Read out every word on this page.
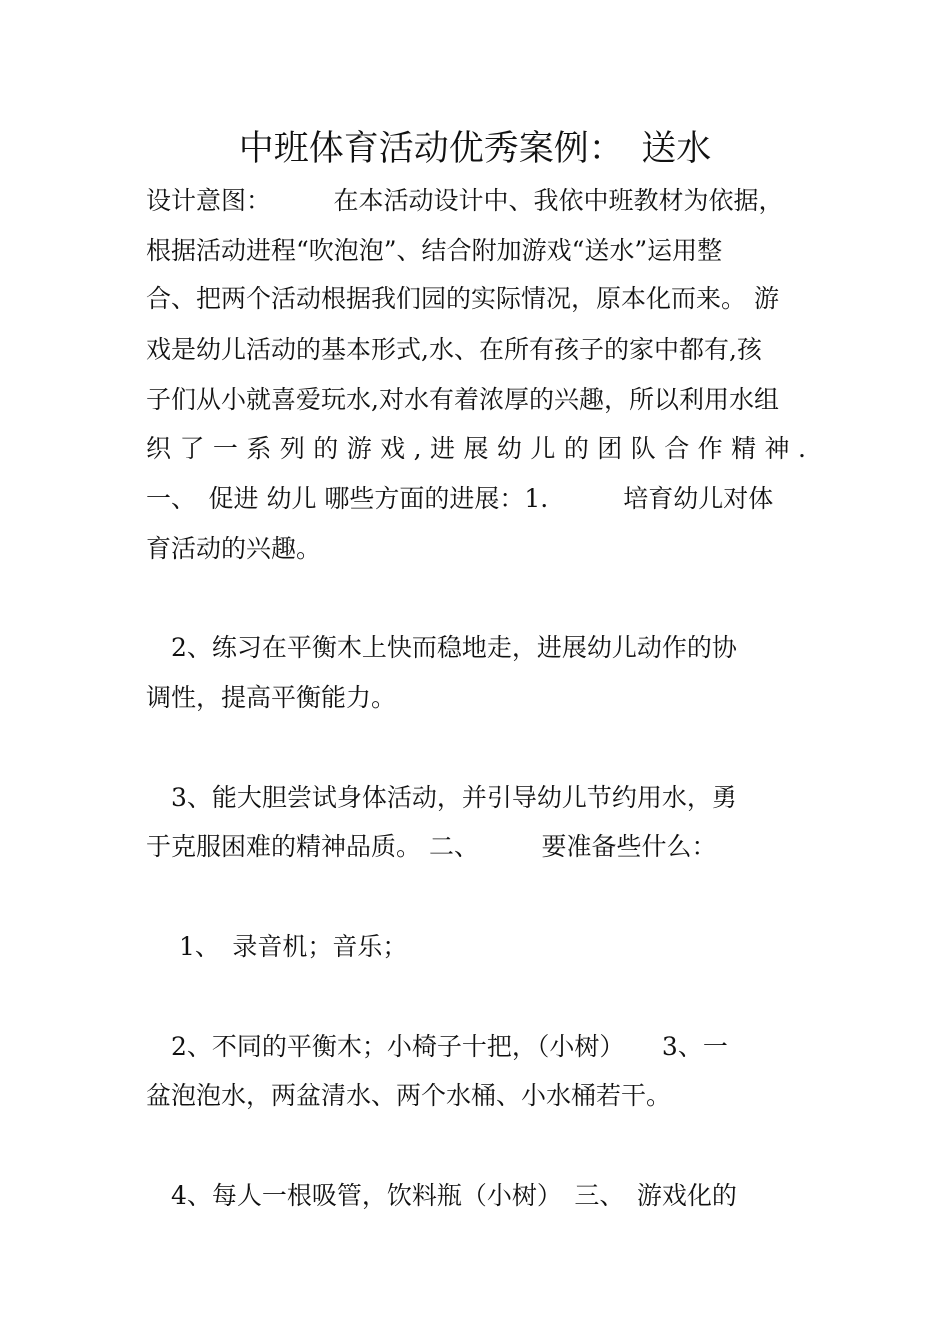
中班体育活动优秀案例：　送水
设计意图：　　　在本活动设计中、我依中班教材为依据，
根据活动进程“吹泡泡”、结合附加游戏“送水”运用整
合、把两个活动根据我们园的实际情况，原本化而来。 游
戏是幼儿活动的基本形式,水、在所有孩子的家中都有,孩
子们从小就喜爱玩水,对水有着浓厚的兴趣，所以利用水组
织 了 一 系 列 的 游 戏 , 进 展 幼 儿 的 团 队 合 作 精 神 .
一、　促进 幼儿 哪些方面的进展：1.　　　培育幼儿对体
育活动的兴趣。
　2、练习在平衡木上快而稳地走，进展幼儿动作的协
调性，提高平衡能力。
　3、能大胆尝试身体活动，并引导幼儿节约用水，勇
于克服困难的精神品质。 二、　　　要准备些什么：
　 1、　录音机；音乐；
　2、不同的平衡木；小椅子十把，（小树）　　3、一
盆泡泡水，两盆清水、两个水桶、小水桶若干。
　4、每人一根吸管，饮料瓶（小树）　三、　游戏化的
